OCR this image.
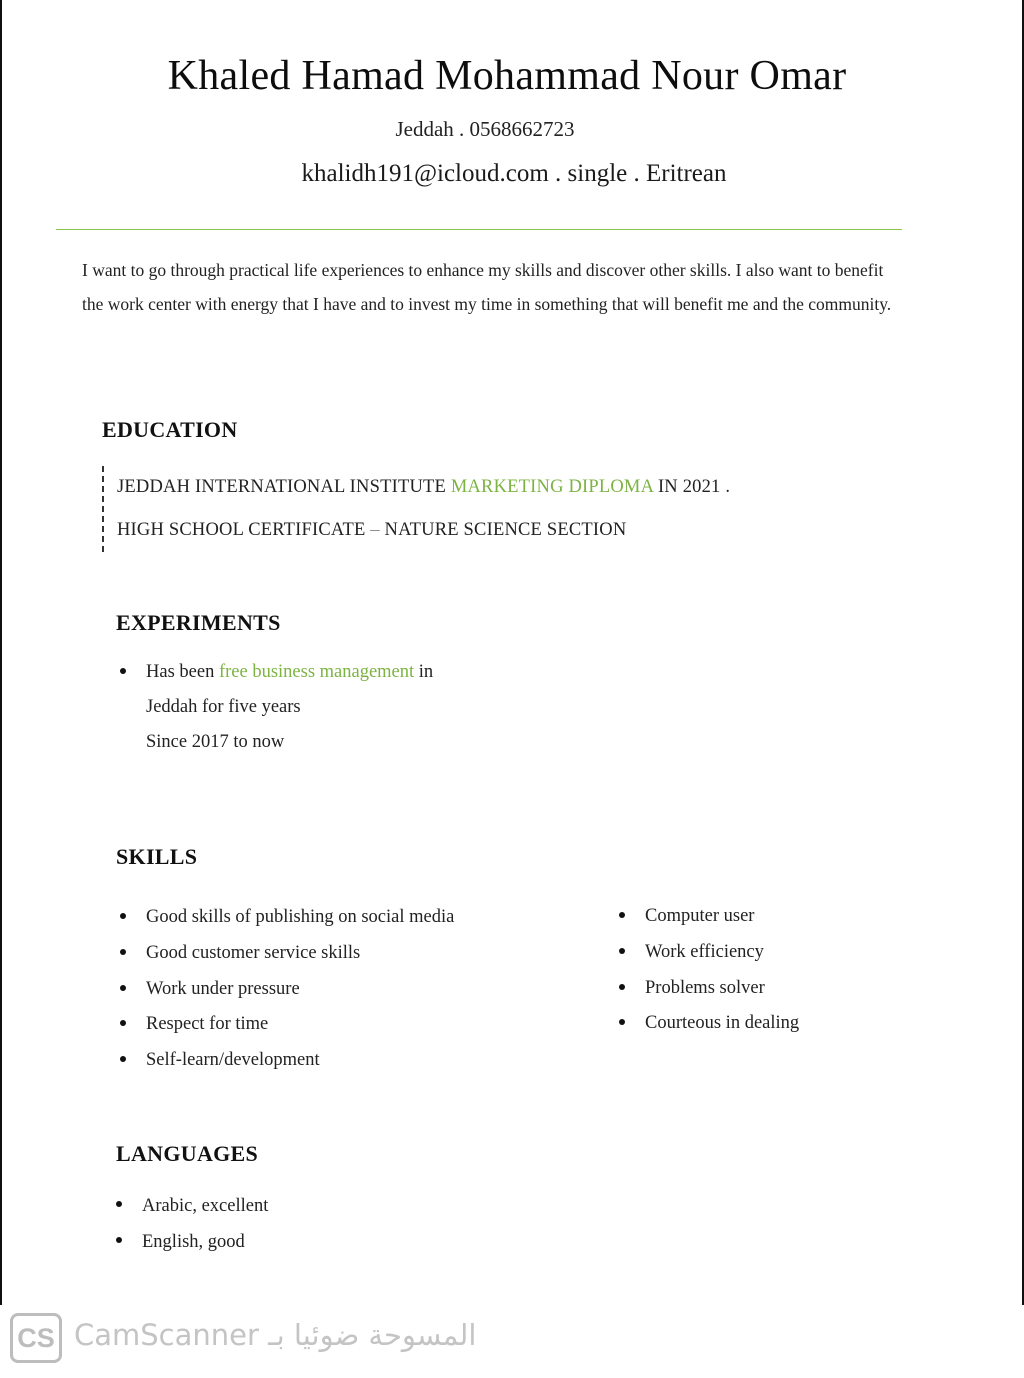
Khaled Hamad Mohammad Nour Omar
Jeddah . 0568662723
khalidh191@icloud.com . single . Eritrean

I want to go through practical life experiences to enhance my skills and discover other skills. I also want to benefit the work center with energy that I have and to invest my time in something that will benefit me and the community.

EDUCATION
JEDDAH INTERNATIONAL INSTITUTE MARKETING DIPLOMA IN 2021 .
HIGH SCHOOL CERTIFICATE – NATURE SCIENCE SECTION
EXPERIMENTS
Has been free business management in
Jeddah for five years
Since 2017 to now
SKILLS
Good skills of publishing on social media
Good customer service skills
Work under pressure
Respect for time
Self-learn/development
Computer user
Work efficiency
Problems solver
Courteous in dealing
LANGUAGES
Arabic, excellent
English, good
CS CamScanner المسوحة ضوئيا بـ
